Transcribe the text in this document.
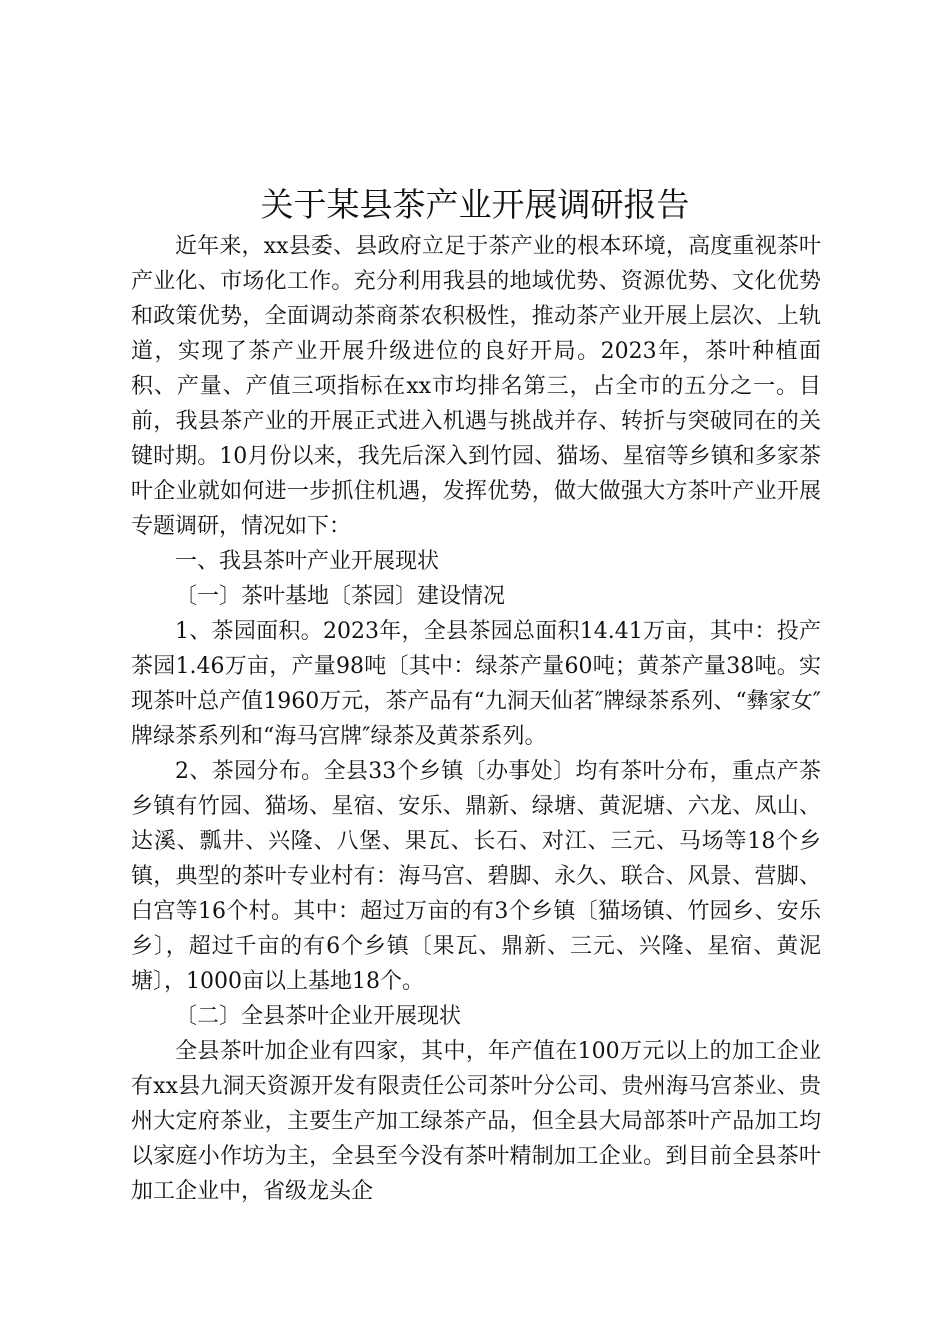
关于某县茶产业开展调研报告

近年来，xx县委、县政府立足于茶产业的根本环境，高度重视茶叶产业化、市场化工作。充分利用我县的地域优势、资源优势、文化优势和政策优势，全面调动茶商茶农积极性，推动茶产业开展上层次、上轨道，实现了茶产业开展升级进位的良好开局。2023年，茶叶种植面积、产量、产值三项指标在xx市均排名第三，占全市的五分之一。目前，我县茶产业的开展正式进入机遇与挑战并存、转折与突破同在的关键时期。10月份以来，我先后深入到竹园、猫场、星宿等乡镇和多家茶叶企业就如何进一步抓住机遇，发挥优势，做大做强大方茶叶产业开展专题调研，情况如下：

一、我县茶叶产业开展现状

〔一〕茶叶基地〔茶园〕建设情况

1、茶园面积。2023年，全县茶园总面积14.41万亩，其中：投产茶园1.46万亩，产量98吨〔其中：绿茶产量60吨；黄茶产量38吨。实现茶叶总产值1960万元，茶产品有“九洞天仙茗″牌绿茶系列、“彝家女″牌绿茶系列和“海马宫牌″绿茶及黄茶系列。

2、茶园分布。全县33个乡镇〔办事处〕均有茶叶分布，重点产茶乡镇有竹园、猫场、星宿、安乐、鼎新、绿塘、黄泥塘、六龙、凤山、达溪、瓢井、兴隆、八堡、果瓦、长石、对江、三元、马场等18个乡镇，典型的茶叶专业村有：海马宫、碧脚、永久、联合、风景、营脚、白宫等16个村。其中：超过万亩的有3个乡镇〔猫场镇、竹园乡、安乐乡〕，超过千亩的有6个乡镇〔果瓦、鼎新、三元、兴隆、星宿、黄泥塘〕，1000亩以上基地18个。

〔二〕全县茶叶企业开展现状

全县茶叶加企业有四家，其中，年产值在100万元以上的加工企业有xx县九洞天资源开发有限责任公司茶叶分公司、贵州海马宫茶业、贵州大定府茶业，主要生产加工绿茶产品，但全县大局部茶叶产品加工均以家庭小作坊为主，全县至今没有茶叶精制加工企业。到目前全县茶叶加工企业中，省级龙头企
